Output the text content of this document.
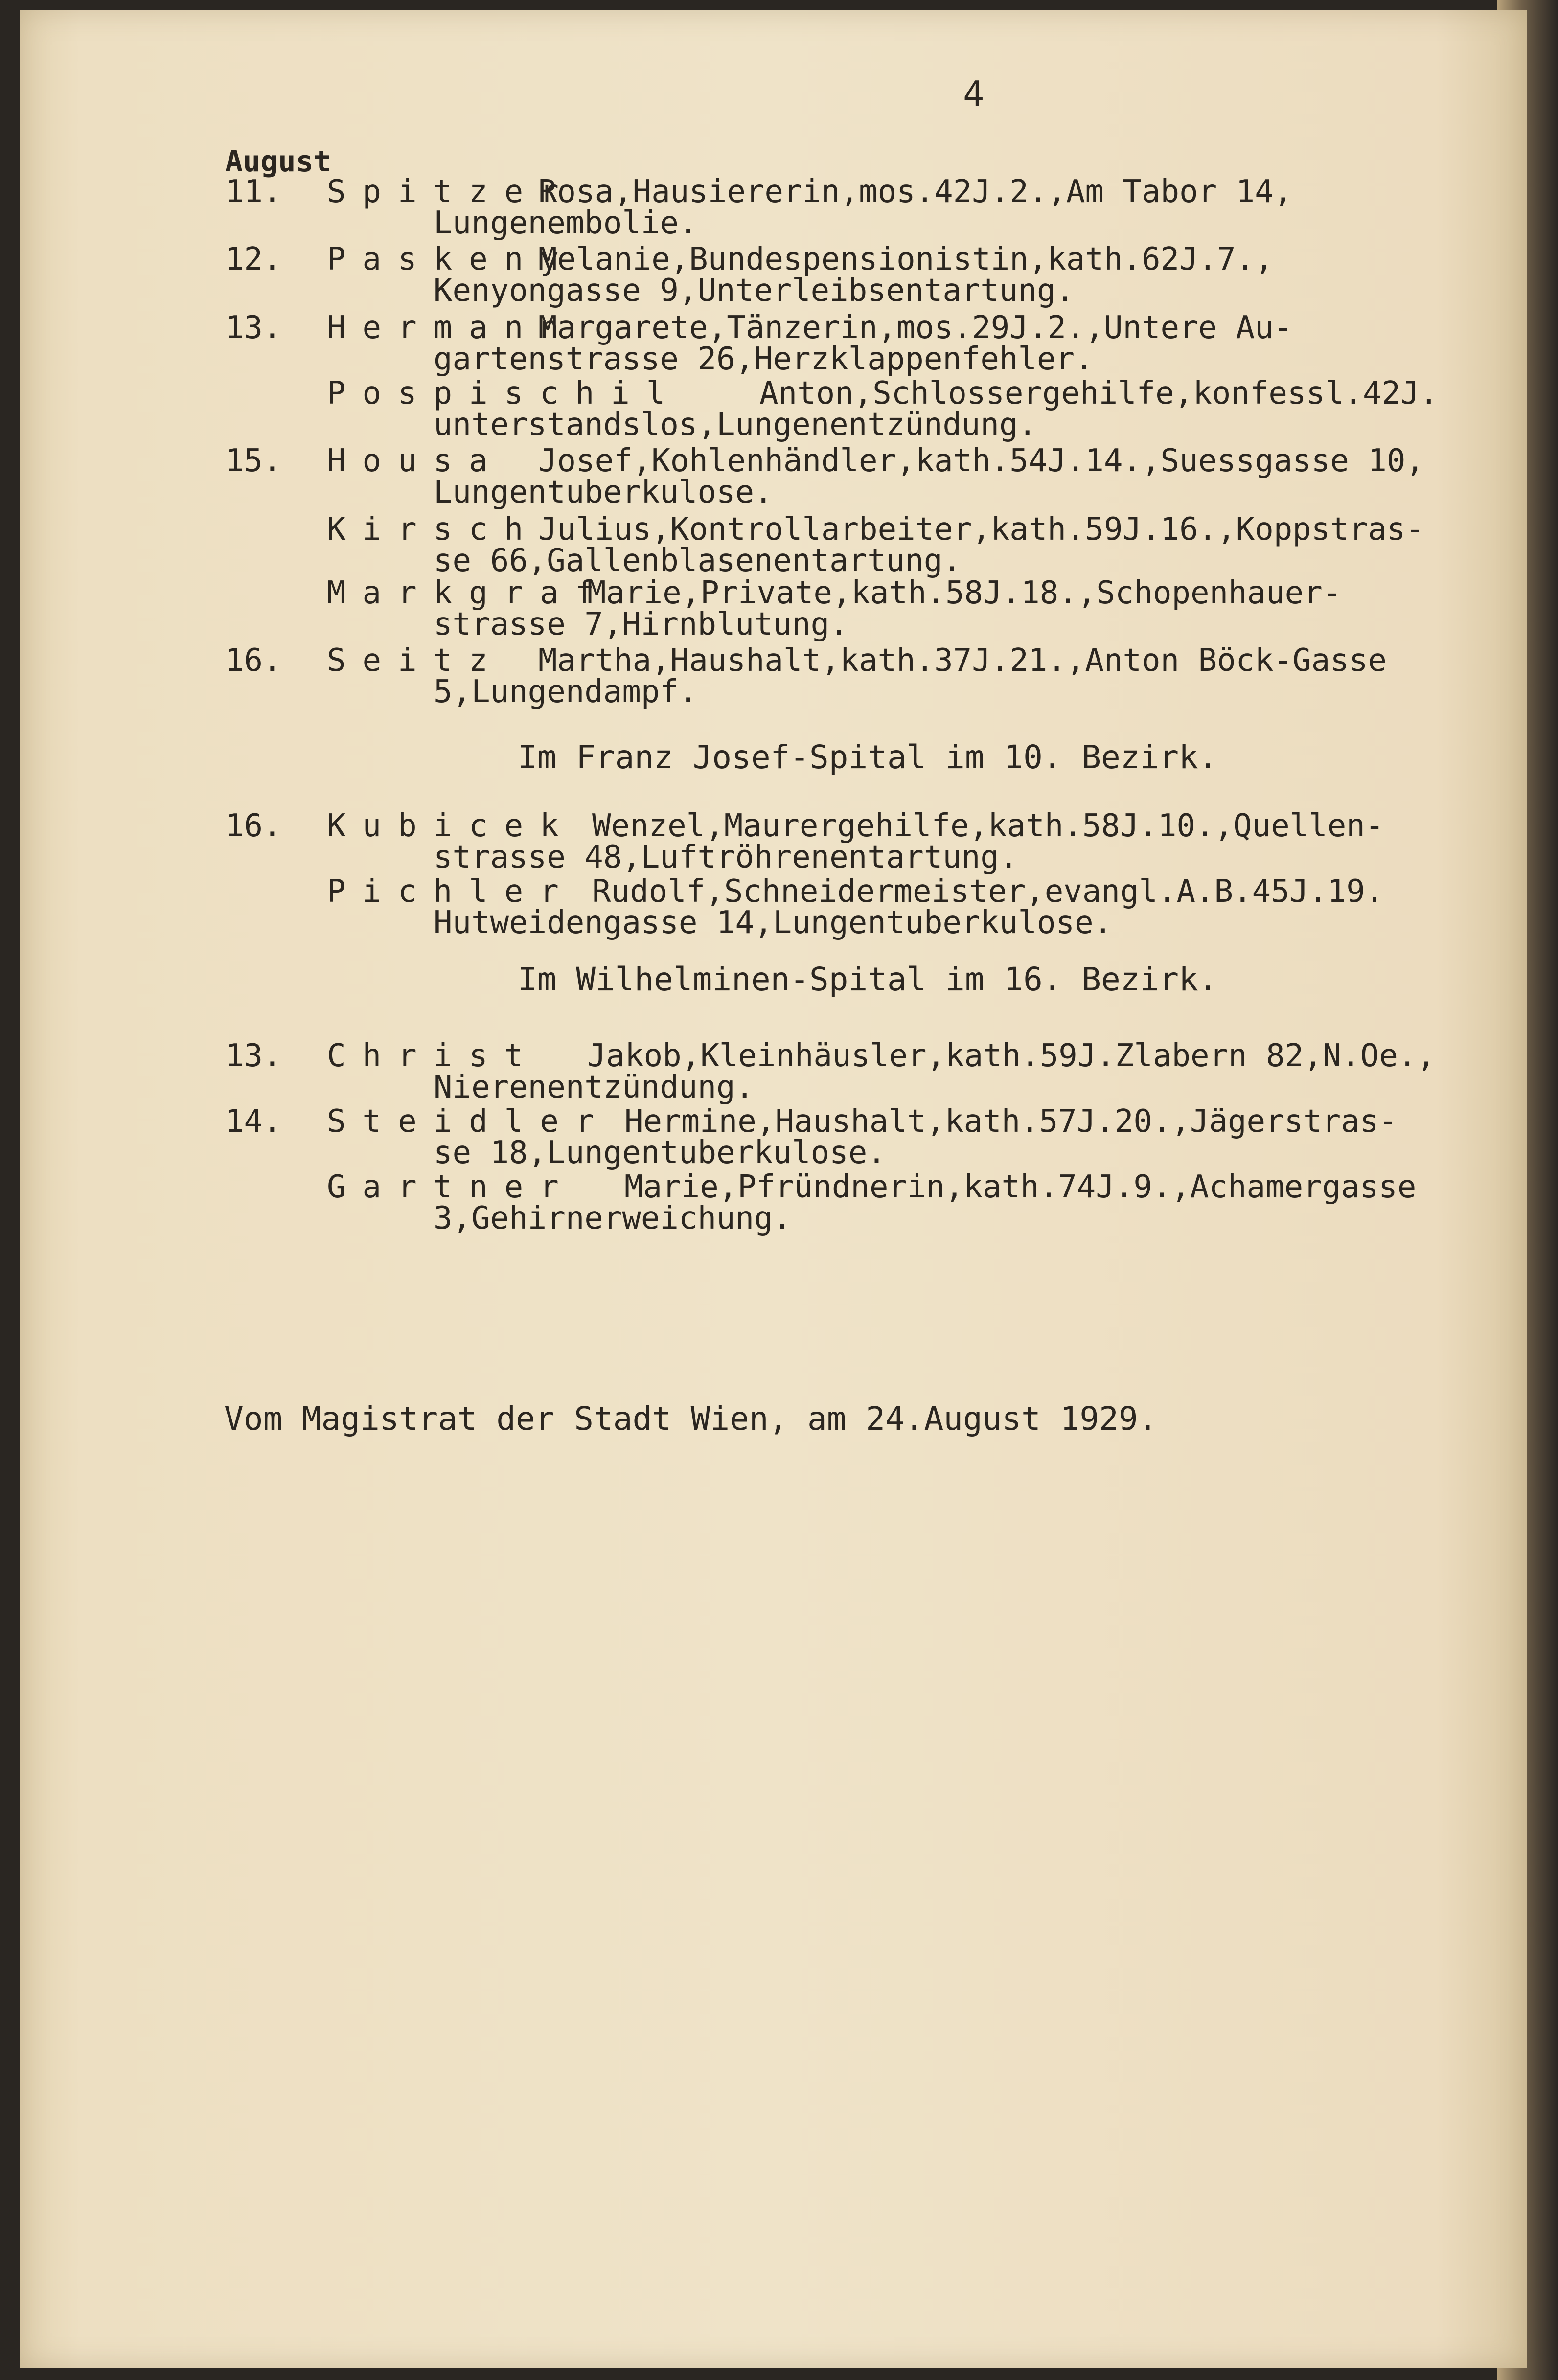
4
August
11. Spitzer
Rosa,Hausiererin,mos.42J.2.,Am Tabor 14,
Lungenembolie.
12. Paskeny
Melanie,Bundespensionistin,kath.62J.7.,
Kenyongasse 9,Unterleibsentartung.
13. Hermann
Margarete,Tänzerin,mos.29J.2.,Untere Au-
gartenstrasse 26,Herzklappenfehler.
Pospischil Anton,Schlossergehilfe,konfessl.42J.
unterstandslos,Lungenentzündung.
15. Housa Josef,Kohlenhändler,kath.54J.14.,Suessgasse 10,
Lungentuberkulose.
Kirsch
Julius,Kontrollarbeiter,kath.59J.16.,Koppstras-
se 66,Gallenblasenentartung.
Markgraf
Marie,Private,kath.58J.18.,Schopenhauer-
strasse 7,Hirnblutung.
16. Seitz Martha,Haushalt,kath.37J.21.,Anton Böck-Gasse
5,Lungendampf.
Im Franz Josef-Spital im 10. Bezirk.
16. Kubicek Wenzel,Maurergehilfe,kath.58J.10.,Quellen-
strasse 48,Luftröhrenentartung.
Pichler Rudolf,Schneidermeister,evangl.A.B.45J.19.
Hutweidengasse 14,Lungentuberkulose.
Im Wilhelminen-Spital im 16. Bezirk.
13. Christ Jakob,Kleinhäusler,kath.59J.Zlabern 82,N.Oe.,
Nierenentzündung.
14. Steidler Hermine,Haushalt,kath.57J.20.,Jägerstras-
se 18,Lungentuberkulose.
Gartner Marie,Pfründnerin,kath.74J.9.,Achamergasse
3,Gehirnerweichung.
Vom Magistrat der Stadt Wien, am 24.August 1929.
